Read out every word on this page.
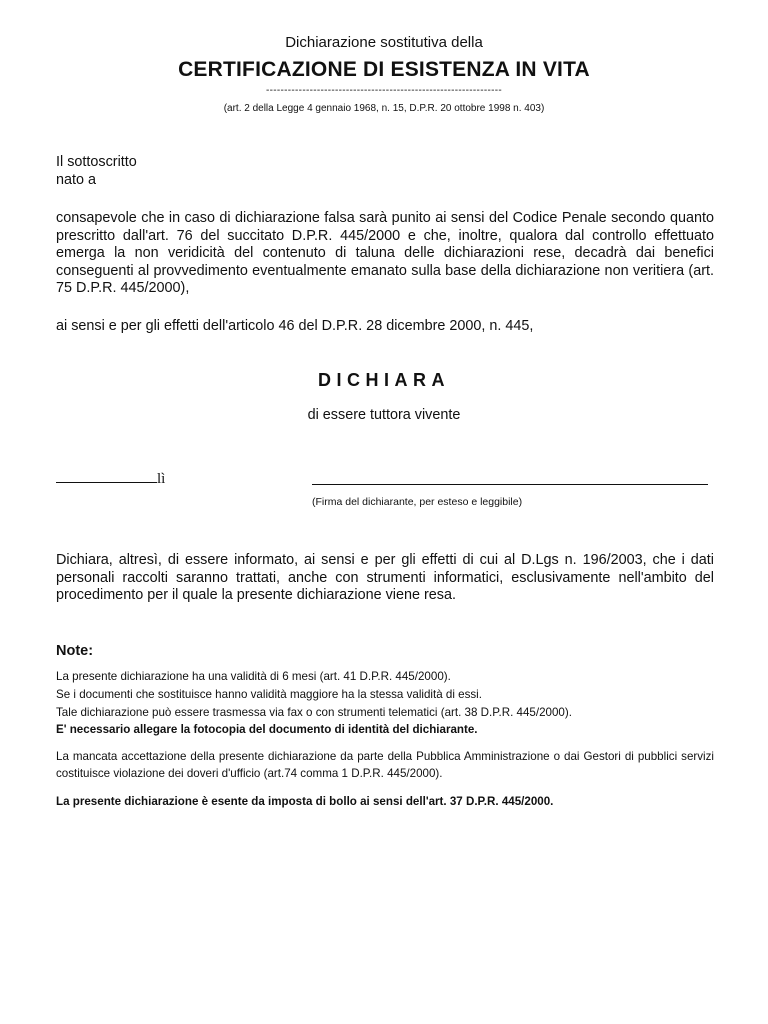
Dichiarazione sostitutiva della
CERTIFICAZIONE DI ESISTENZA IN VITA
-----------------------------------------------------------------
(art. 2 della Legge 4 gennaio 1968, n. 15, D.P.R. 20 ottobre 1998 n. 403)
Il sottoscritto
nato a
consapevole che in caso di dichiarazione falsa sarà punito ai sensi del Codice Penale secondo quanto prescritto dall'art. 76 del succitato D.P.R. 445/2000 e che, inoltre, qualora dal controllo effettuato emerga la non veridicità del contenuto di taluna delle dichiarazioni rese, decadrà dai benefici conseguenti al provvedimento eventualmente emanato sulla base della dichiarazione non veritiera (art. 75 D.P.R. 445/2000),
ai sensi e per gli effetti dell'articolo 46 del D.P.R. 28 dicembre 2000, n. 445,
DICHIARA
di essere tuttora vivente
lì
(Firma del dichiarante, per esteso e leggibile)
Dichiara, altresì, di essere informato, ai sensi e per gli effetti di cui al D.Lgs n. 196/2003, che i dati personali raccolti saranno trattati, anche con strumenti informatici, esclusivamente nell'ambito del procedimento per il quale la presente dichiarazione viene resa.
Note:
La presente dichiarazione ha una validità di 6 mesi (art. 41 D.P.R. 445/2000).
Se i documenti che sostituisce hanno validità maggiore ha la stessa validità di essi.
Tale dichiarazione può essere trasmessa via fax o con strumenti telematici (art. 38 D.P.R. 445/2000).
E' necessario allegare la fotocopia del documento di identità del dichiarante.
La mancata accettazione della presente dichiarazione da parte della Pubblica Amministrazione o dai Gestori di pubblici servizi costituisce violazione dei doveri d'ufficio (art.74 comma 1 D.P.R. 445/2000).
La presente dichiarazione è esente da imposta di bollo ai sensi dell'art. 37 D.P.R. 445/2000.
